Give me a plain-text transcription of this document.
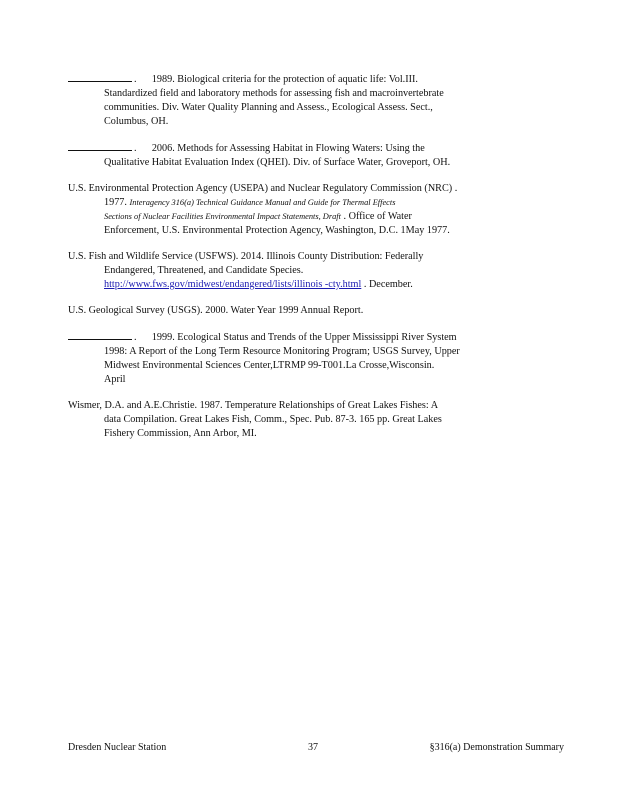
.      1989. Biological criteria for the protection of aquatic life: Vol.III.
Standardized field and laboratory methods for assessing fish and macroinvertebrate
communities. Div. Water Quality Planning and Assess., Ecological Assess. Sect.,
Columbus, OH.
.      2006. Methods for Assessing Habitat in Flowing Waters: Using the
Qualitative Habitat Evaluation Index (QHEI). Div. of Surface Water, Groveport, OH.
U.S. Environmental Protection Agency (USEPA) and Nuclear Regulatory Commission (NRC) .
1977. Interagency 316(a) Technical Guidance Manual and Guide for Thermal Effects
Sections of Nuclear Facilities Environmental Impact Statements, Draft . Office of Water
Enforcement, U.S. Environmental Protection Agency, Washington, D.C. 1May 1977.
U.S. Fish and Wildlife Service (USFWS). 2014. Illinois County Distribution: Federally
Endangered, Threatened, and Candidate Species.
http://www.fws.gov/midwest/endangered/lists/illinois -cty.html . December.
U.S. Geological Survey (USGS). 2000. Water Year 1999 Annual Report.
.      1999. Ecological Status and Trends of the Upper Mississippi River System
1998: A Report of the Long Term Resource Monitoring Program; USGS Survey, Upper
Midwest Environmental Sciences Center,LTRMP 99-T001.La Crosse,Wisconsin.
April
Wismer, D.A. and A.E.Christie. 1987. Temperature Relationships of Great Lakes Fishes: A
data Compilation. Great Lakes Fish, Comm., Spec. Pub. 87-3. 165 pp. Great Lakes
Fishery Commission, Ann Arbor, MI.
Dresden Nuclear Station	37	§316(a) Demonstration Summary
